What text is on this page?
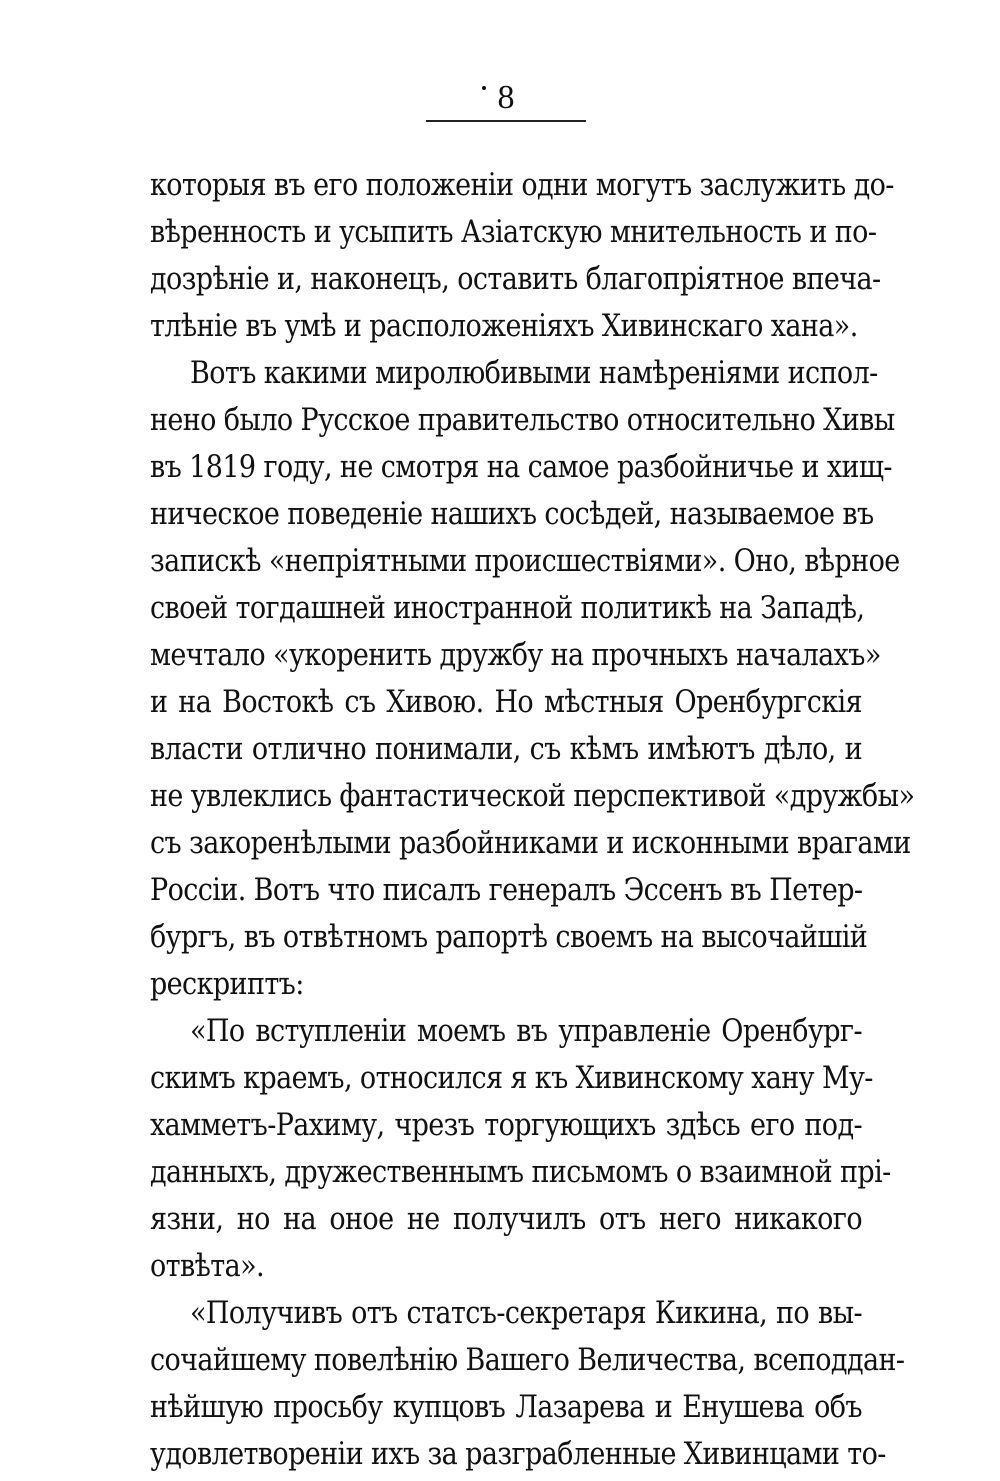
8
которыя въ его положеніи одни могутъ заслужить до-
вѣренность и усыпить Азіатскую мнительность и по-
дозрѣніе и, наконецъ, оставить благопріятное впеча-
тлѣніе въ умѣ и расположеніяхъ Хивинскаго хана».
Вотъ какими миролюбивыми намѣреніями испол-
нено было Русское правительство относительно Хивы
въ 1819 году, не смотря на самое разбойничье и хищ-
ническое поведеніе нашихъ сосѣдей, называемое въ
запискѣ «непріятными происшествіями». Оно, вѣрное
своей тогдашней иностранной политикѣ на Западѣ,
мечтало «укоренить дружбу на прочныхъ началахъ»
и на Востокѣ съ Хивою. Но мѣстныя Оренбургскія
власти отлично понимали, съ кѣмъ имѣютъ дѣло, и
не увлеклись фантастической перспективой «дружбы»
съ закоренѣлыми разбойниками и исконными врагами
Россіи. Вотъ что писалъ генералъ Эссенъ въ Петер-
бургъ, въ отвѣтномъ рапортѣ своемъ на высочайшій
рескриптъ:
«По вступленіи моемъ въ управленіе Оренбург-
скимъ краемъ, относился я къ Хивинскому хану Му-
хамметъ-Рахиму, чрезъ торгующихъ здѣсь его под-
данныхъ, дружественнымъ письмомъ о взаимной прі-
язни, но на оное не получилъ отъ него никакого
отвѣта».
«Получивъ отъ статсъ-секретаря Кикина, по вы-
сочайшему повелѣнію Вашего Величества, всеподдан-
нѣйшую просьбу купцовъ Лазарева и Енушева объ
удовлетвореніи ихъ за разграбленные Хивинцами то-
